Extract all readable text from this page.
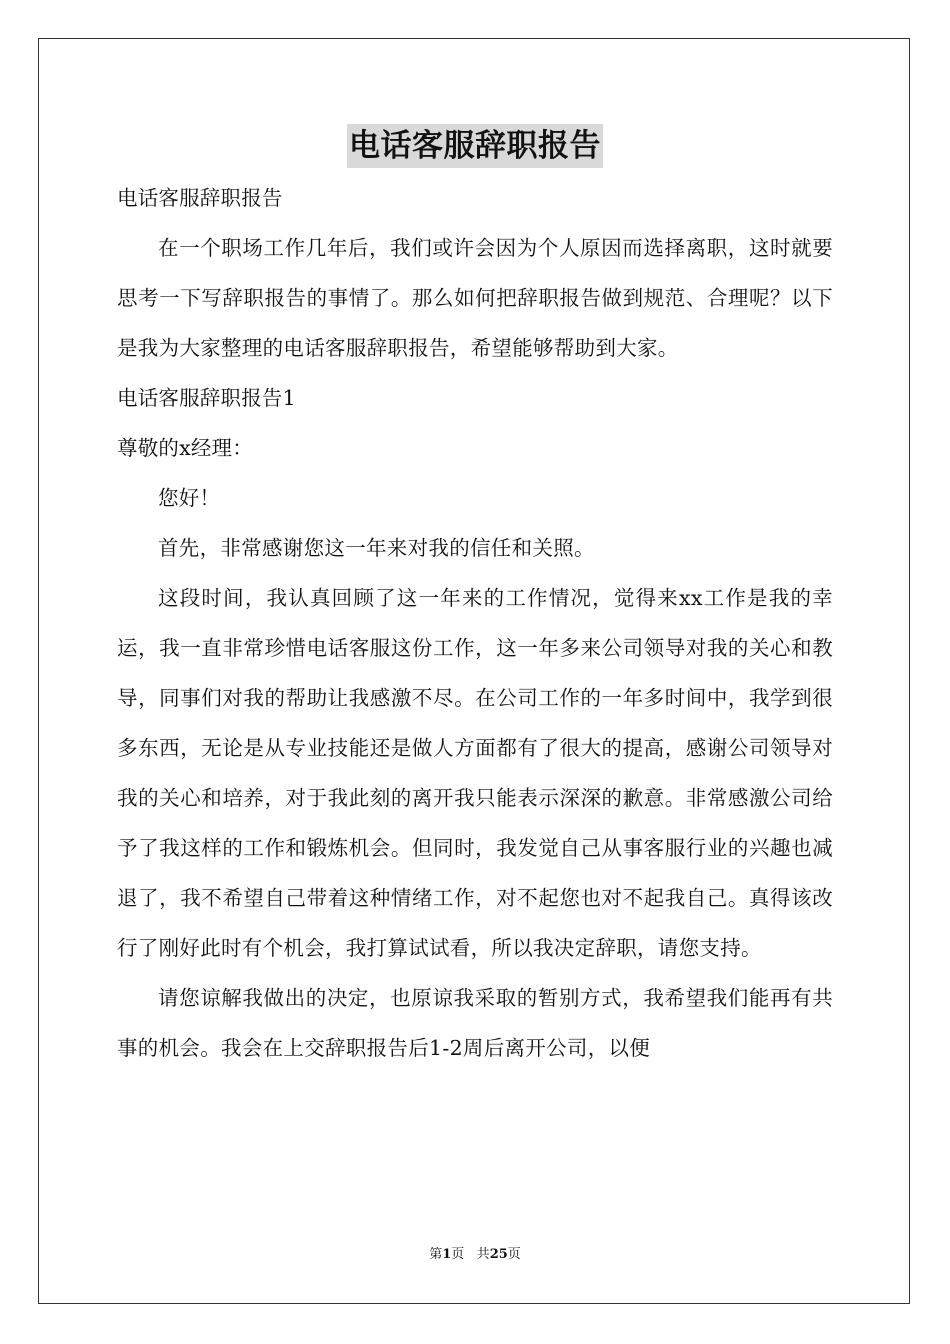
电话客服辞职报告

电话客服辞职报告

在一个职场工作几年后，我们或许会因为个人原因而选择离职，这时就要思考一下写辞职报告的事情了。那么如何把辞职报告做到规范、合理呢？以下是我为大家整理的电话客服辞职报告，希望能够帮助到大家。

电话客服辞职报告1

尊敬的x经理：

您好！

首先，非常感谢您这一年来对我的信任和关照。

这段时间，我认真回顾了这一年来的工作情况，觉得来xx工作是我的幸运，我一直非常珍惜电话客服这份工作，这一年多来公司领导对我的关心和教导，同事们对我的帮助让我感激不尽。在公司工作的一年多时间中，我学到很多东西，无论是从专业技能还是做人方面都有了很大的提高，感谢公司领导对我的关心和培养，对于我此刻的离开我只能表示深深的歉意。非常感激公司给予了我这样的工作和锻炼机会。但同时，我发觉自己从事客服行业的兴趣也减退了，我不希望自己带着这种情绪工作，对不起您也对不起我自己。真得该改行了刚好此时有个机会，我打算试试看，所以我决定辞职，请您支持。

请您谅解我做出的决定，也原谅我采取的暂别方式，我希望我们能再有共事的机会。我会在上交辞职报告后1-2周后离开公司，以便

第1页 共25页
